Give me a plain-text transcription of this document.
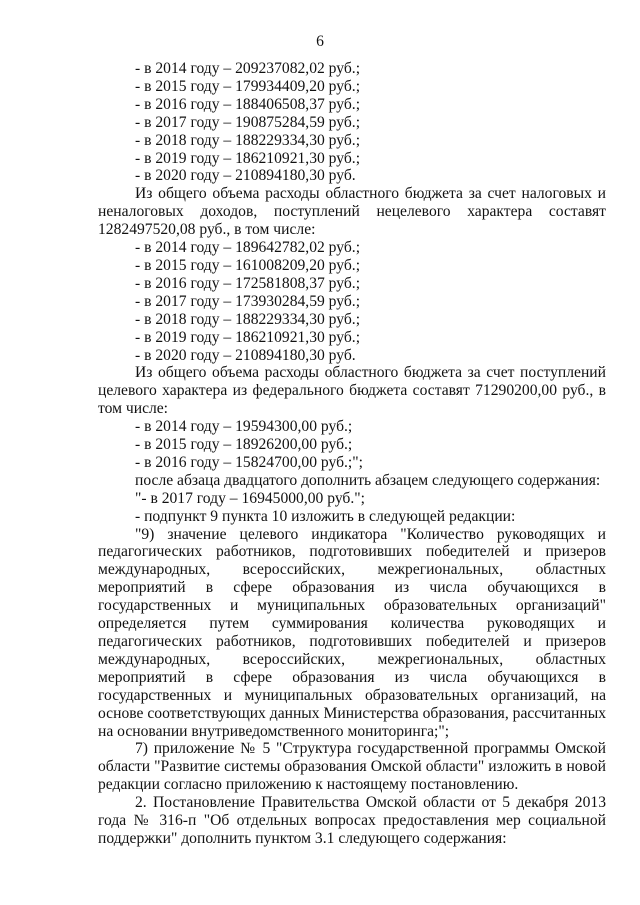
6
- в 2014 году – 209237082,02 руб.;
- в 2015 году – 179934409,20 руб.;
- в 2016 году – 188406508,37 руб.;
- в 2017 году – 190875284,59 руб.;
- в 2018 году – 188229334,30 руб.;
- в 2019 году – 186210921,30 руб.;
- в 2020 году – 210894180,30 руб.
Из общего объема расходы областного бюджета за счет налоговых и неналоговых доходов, поступлений нецелевого характера составят 1282497520,08 руб., в том числе:
- в 2014 году – 189642782,02 руб.;
- в 2015 году – 161008209,20 руб.;
- в 2016 году – 172581808,37 руб.;
- в 2017 году – 173930284,59 руб.;
- в 2018 году – 188229334,30 руб.;
- в 2019 году – 186210921,30 руб.;
- в 2020 году – 210894180,30 руб.
Из общего объема расходы областного бюджета за счет поступлений целевого характера из федерального бюджета составят 71290200,00 руб., в том числе:
- в 2014 году – 19594300,00 руб.;
- в 2015 году – 18926200,00 руб.;
- в 2016 году – 15824700,00 руб.;";
после абзаца двадцатого дополнить абзацем следующего содержания:
"- в 2017 году – 16945000,00 руб.";
- подпункт 9 пункта 10 изложить в следующей редакции:
"9) значение целевого индикатора "Количество руководящих и педагогических работников, подготовивших победителей и призеров международных, всероссийских, межрегиональных, областных мероприятий в сфере образования из числа обучающихся в государственных и муниципальных образовательных организаций" определяется путем суммирования количества руководящих и педагогических работников, подготовивших победителей и призеров международных, всероссийских, межрегиональных, областных мероприятий в сфере образования из числа обучающихся в государственных и муниципальных образовательных организаций, на основе соответствующих данных Министерства образования, рассчитанных на основании внутриведомственного мониторинга;";
7) приложение № 5 "Структура государственной программы Омской области "Развитие системы образования Омской области" изложить в новой редакции согласно приложению к настоящему постановлению.
2. Постановление Правительства Омской области от 5 декабря 2013 года № 316-п "Об отдельных вопросах предоставления мер социальной поддержки" дополнить пунктом 3.1 следующего содержания:
